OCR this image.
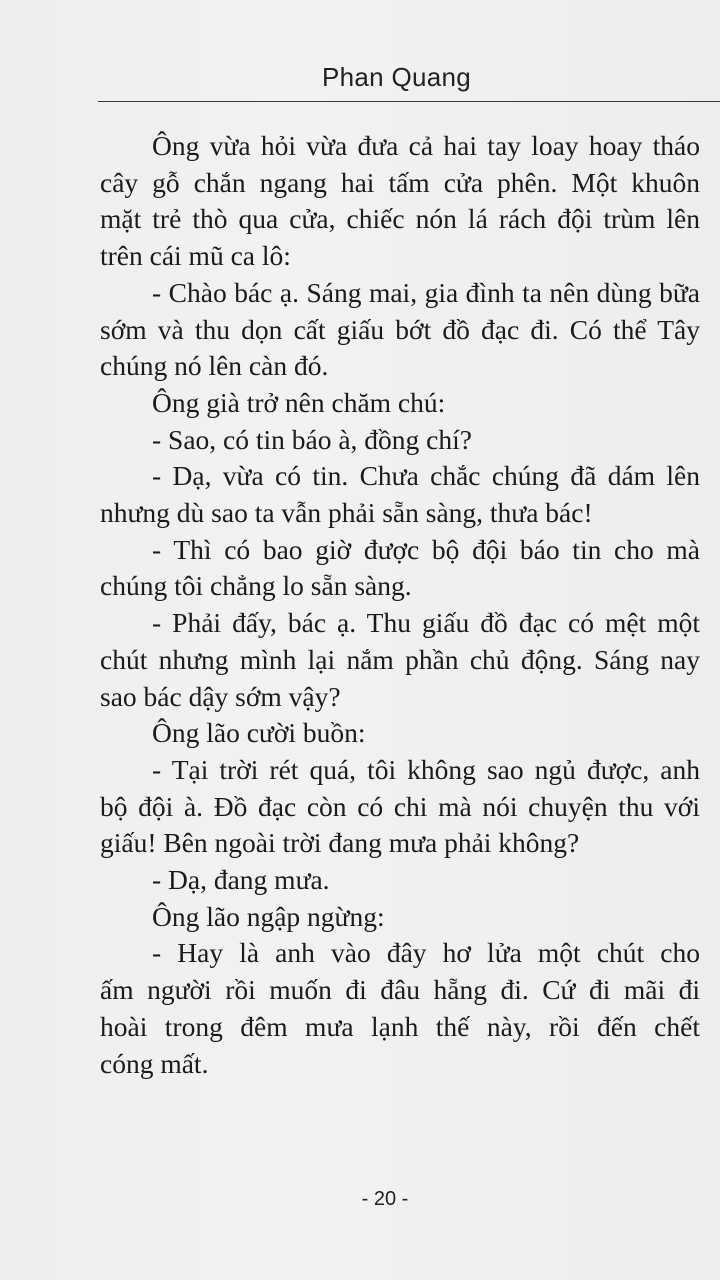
Phan Quang
Ông vừa hỏi vừa đưa cả hai tay loay hoay tháo
cây gỗ chắn ngang hai tấm cửa phên. Một khuôn
mặt trẻ thò qua cửa, chiếc nón lá rách đội trùm lên
trên cái mũ ca lô:
- Chào bác ạ. Sáng mai, gia đình ta nên dùng bữa
sớm và thu dọn cất giấu bớt đồ đạc đi. Có thể Tây
chúng nó lên càn đó.
Ông già trở nên chăm chú:
- Sao, có tin báo à, đồng chí?
- Dạ, vừa có tin. Chưa chắc chúng đã dám lên
nhưng dù sao ta vẫn phải sẵn sàng, thưa bác!
- Thì có bao giờ được bộ đội báo tin cho mà
chúng tôi chẳng lo sẵn sàng.
- Phải đấy, bác ạ. Thu giấu đồ đạc có mệt một
chút nhưng mình lại nắm phần chủ động. Sáng nay
sao bác dậy sớm vậy?
Ông lão cười buồn:
- Tại trời rét quá, tôi không sao ngủ được, anh
bộ đội à. Đồ đạc còn có chi mà nói chuyện thu với
giấu! Bên ngoài trời đang mưa phải không?
- Dạ, đang mưa.
Ông lão ngập ngừng:
- Hay là anh vào đây hơ lửa một chút cho
ấm người rồi muốn đi đâu hẵng đi. Cứ đi mãi đi
hoài trong đêm mưa lạnh thế này, rồi đến chết
cóng mất.
- 20 -
